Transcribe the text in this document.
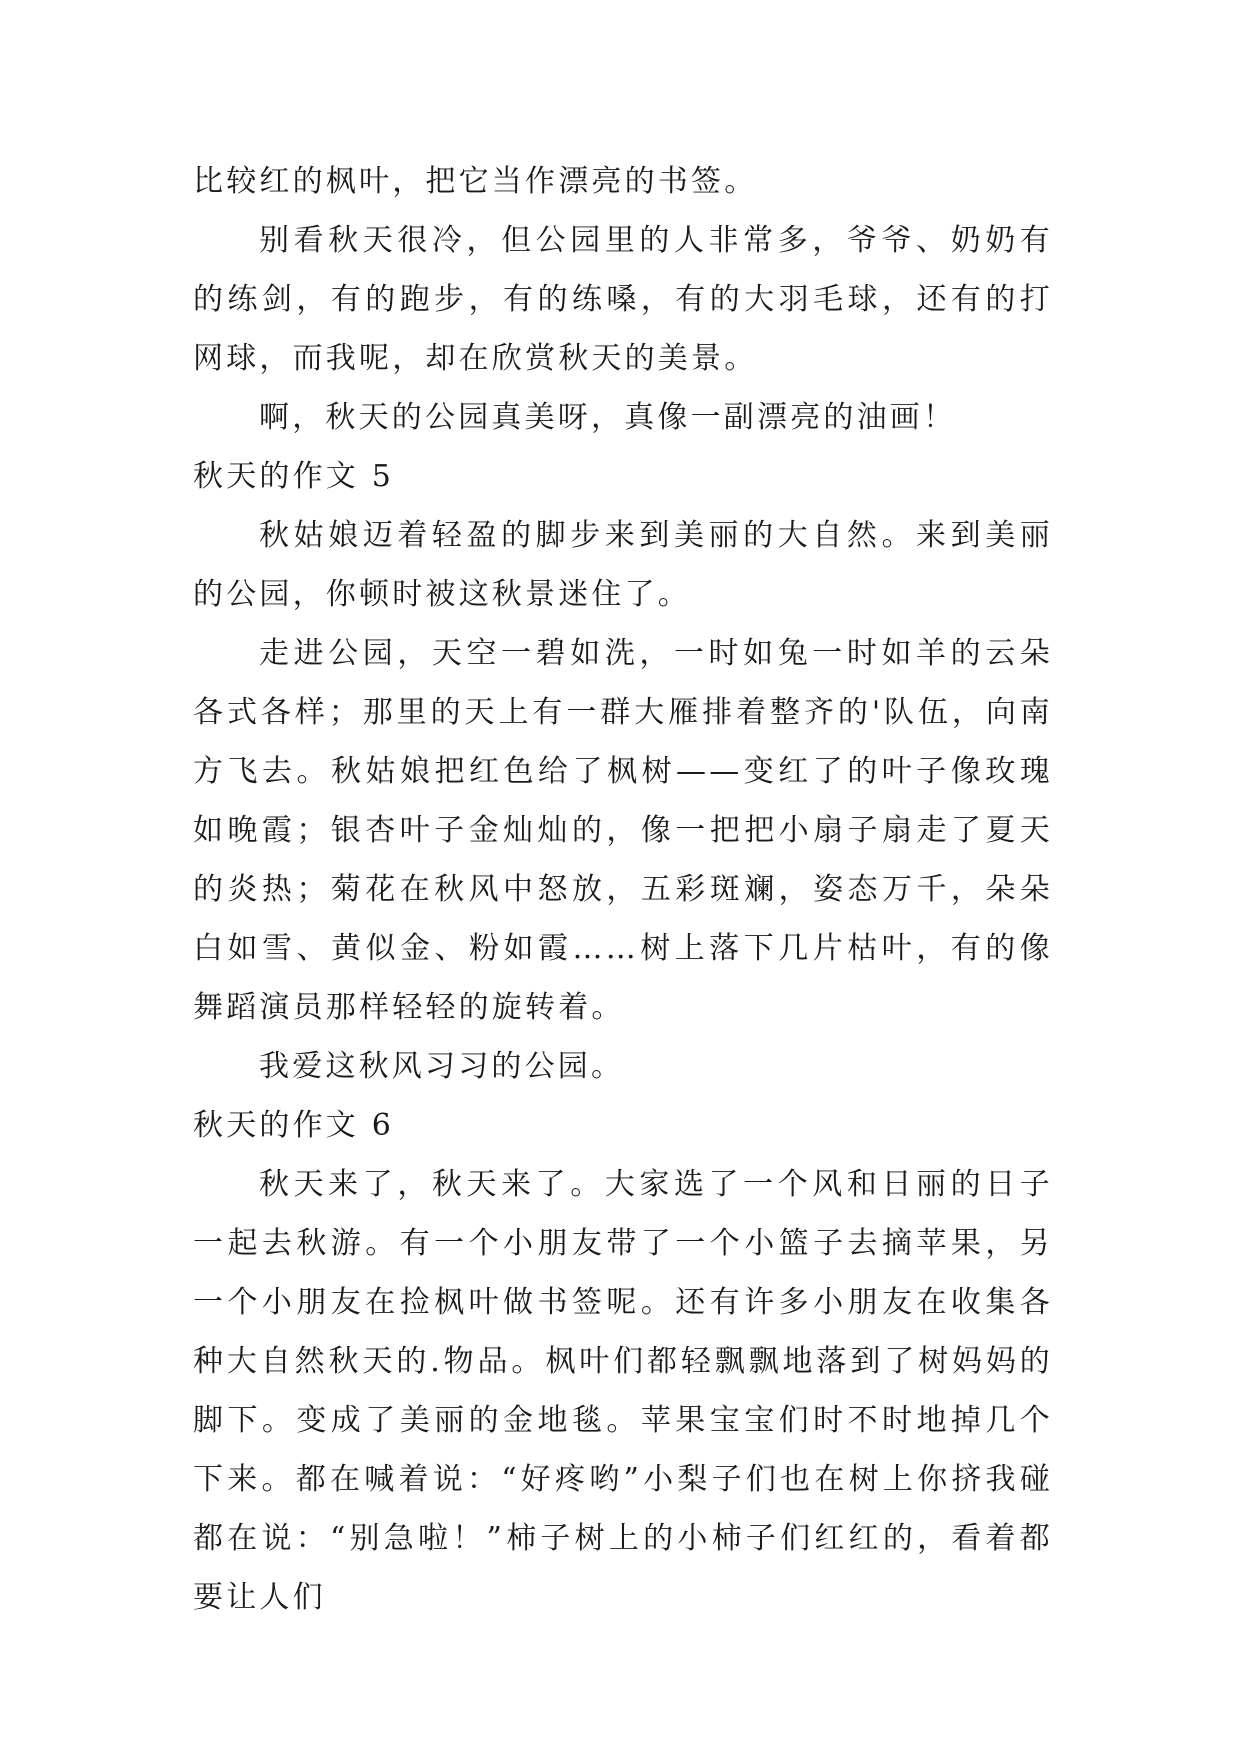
比较红的枫叶，把它当作漂亮的书签。

别看秋天很冷，但公园里的人非常多，爷爷、奶奶有的练剑，有的跑步，有的练嗓，有的大羽毛球，还有的打网球，而我呢，却在欣赏秋天的美景。

啊，秋天的公园真美呀，真像一副漂亮的油画！

秋天的作文 5

秋姑娘迈着轻盈的脚步来到美丽的大自然。来到美丽的公园，你顿时被这秋景迷住了。

走进公园，天空一碧如洗，一时如兔一时如羊的云朵各式各样；那里的天上有一群大雁排着整齐的'队伍，向南方飞去。秋姑娘把红色给了枫树——变红了的叶子像玫瑰如晚霞；银杏叶子金灿灿的，像一把把小扇子扇走了夏天的炎热；菊花在秋风中怒放，五彩斑斓，姿态万千，朵朵白如雪、黄似金、粉如霞……树上落下几片枯叶，有的像舞蹈演员那样轻轻的旋转着。

我爱这秋风习习的公园。

秋天的作文 6

秋天来了，秋天来了。大家选了一个风和日丽的日子一起去秋游。有一个小朋友带了一个小篮子去摘苹果，另一个小朋友在捡枫叶做书签呢。还有许多小朋友在收集各种大自然秋天的.物品。枫叶们都轻飘飘地落到了树妈妈的脚下。变成了美丽的金地毯。苹果宝宝们时不时地掉几个下来。都在喊着说：“好疼哟”小梨子们也在树上你挤我碰都在说：“别急啦！”柿子树上的小柿子们红红的，看着都要让人们
